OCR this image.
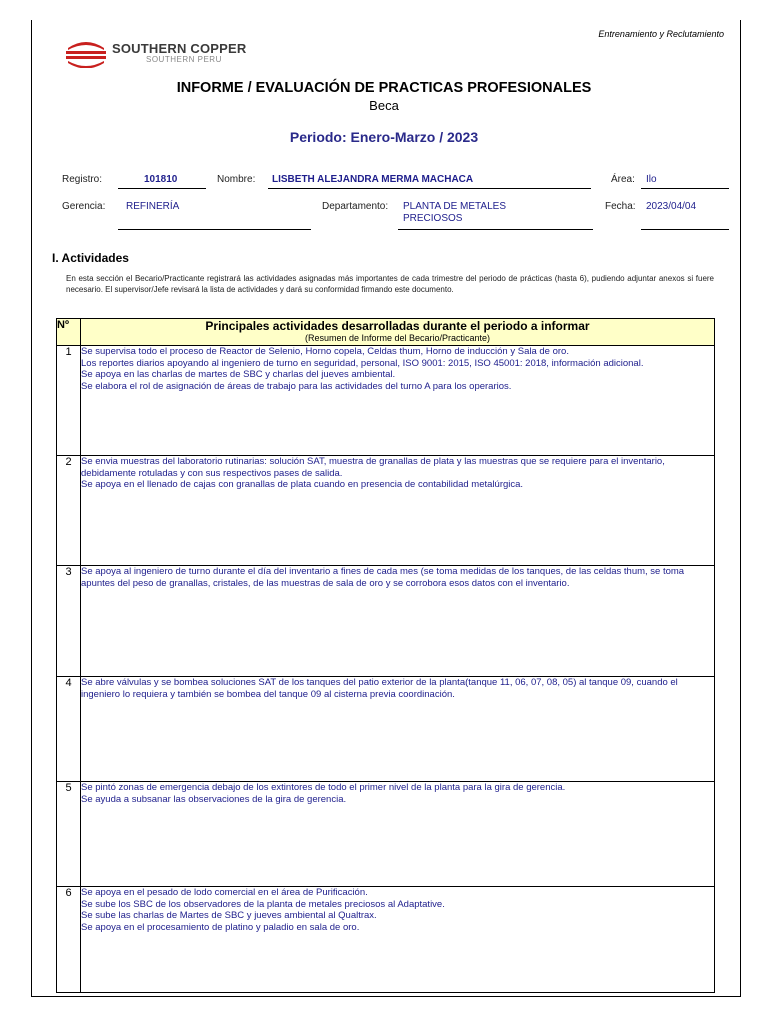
Entrenamiento y Reclutamiento
SOUTHERN COPPER
SOUTHERN PERU
INFORME / EVALUACIÓN DE PRACTICAS PROFESIONALES
Beca
Periodo: Enero-Marzo / 2023
Registro:	101810	Nombre: LISBETH ALEJANDRA MERMA MACHACA	Área: Ilo
Gerencia: REFINERÍA	Departamento: PLANTA DE METALES
PRECIOSOS
Fecha: 2023/04/04
I. Actividades
En esta sección el Becario/Practicante registrará las actividades asignadas más importantes de cada trimestre del periodo de prácticas (hasta 6), pudiendo adjuntar anexos si fuere necesario. El supervisor/Jefe revisará la lista de actividades y dará su conformidad firmando este documento.
Nº	Principales actividades desarrolladas durante el periodo a informar
(Resumen de Informe del Becario/Practicante)

1	Se supervisa todo el proceso de Reactor de Selenio, Horno copela, Celdas thum, Horno de inducción y Sala de oro.
Los reportes diarios apoyando al ingeniero de turno en seguridad, personal, ISO 9001: 2015, ISO 45001: 2018, información adicional.
Se apoya en las charlas de martes de SBC y charlas del jueves ambiental.
Se elabora el rol de asignación de áreas de trabajo para las actividades del turno A para los operarios.

2	Se envia muestras del laboratorio rutinarias: solución SAT, muestra de granallas de plata y las muestras que se requiere para el inventario, debidamente rotuladas y con sus respectivos pases de salida.
Se apoya en el llenado de cajas con granallas de plata cuando en presencia de contabilidad metalúrgica.

3	Se apoya al ingeniero de turno durante el día del inventario a fines de cada mes (se toma medidas de los tanques, de las celdas thum, se toma apuntes del peso de granallas, cristales, de las muestras de sala de oro y se corrobora esos datos con el inventario.

4	Se abre válvulas y se bombea soluciones SAT de los tanques del patio exterior de la planta(tanque 11, 06, 07, 08, 05) al tanque 09, cuando el ingeniero lo requiera y también se bombea del tanque 09 al cisterna previa coordinación.

5	Se pintó zonas de emergencia debajo de los extintores de todo el primer nivel de la planta para la gira de gerencia.
Se ayuda a subsanar las observaciones de la gira de gerencia.

6	Se apoya en el pesado de lodo comercial en el área de Purificación.
Se sube los SBC de los observadores de la planta de metales preciosos al Adaptative.
Se sube las charlas de Martes de SBC y jueves ambiental al Qualtrax.
Se apoya en el procesamiento de platino y paladio en sala de oro.
